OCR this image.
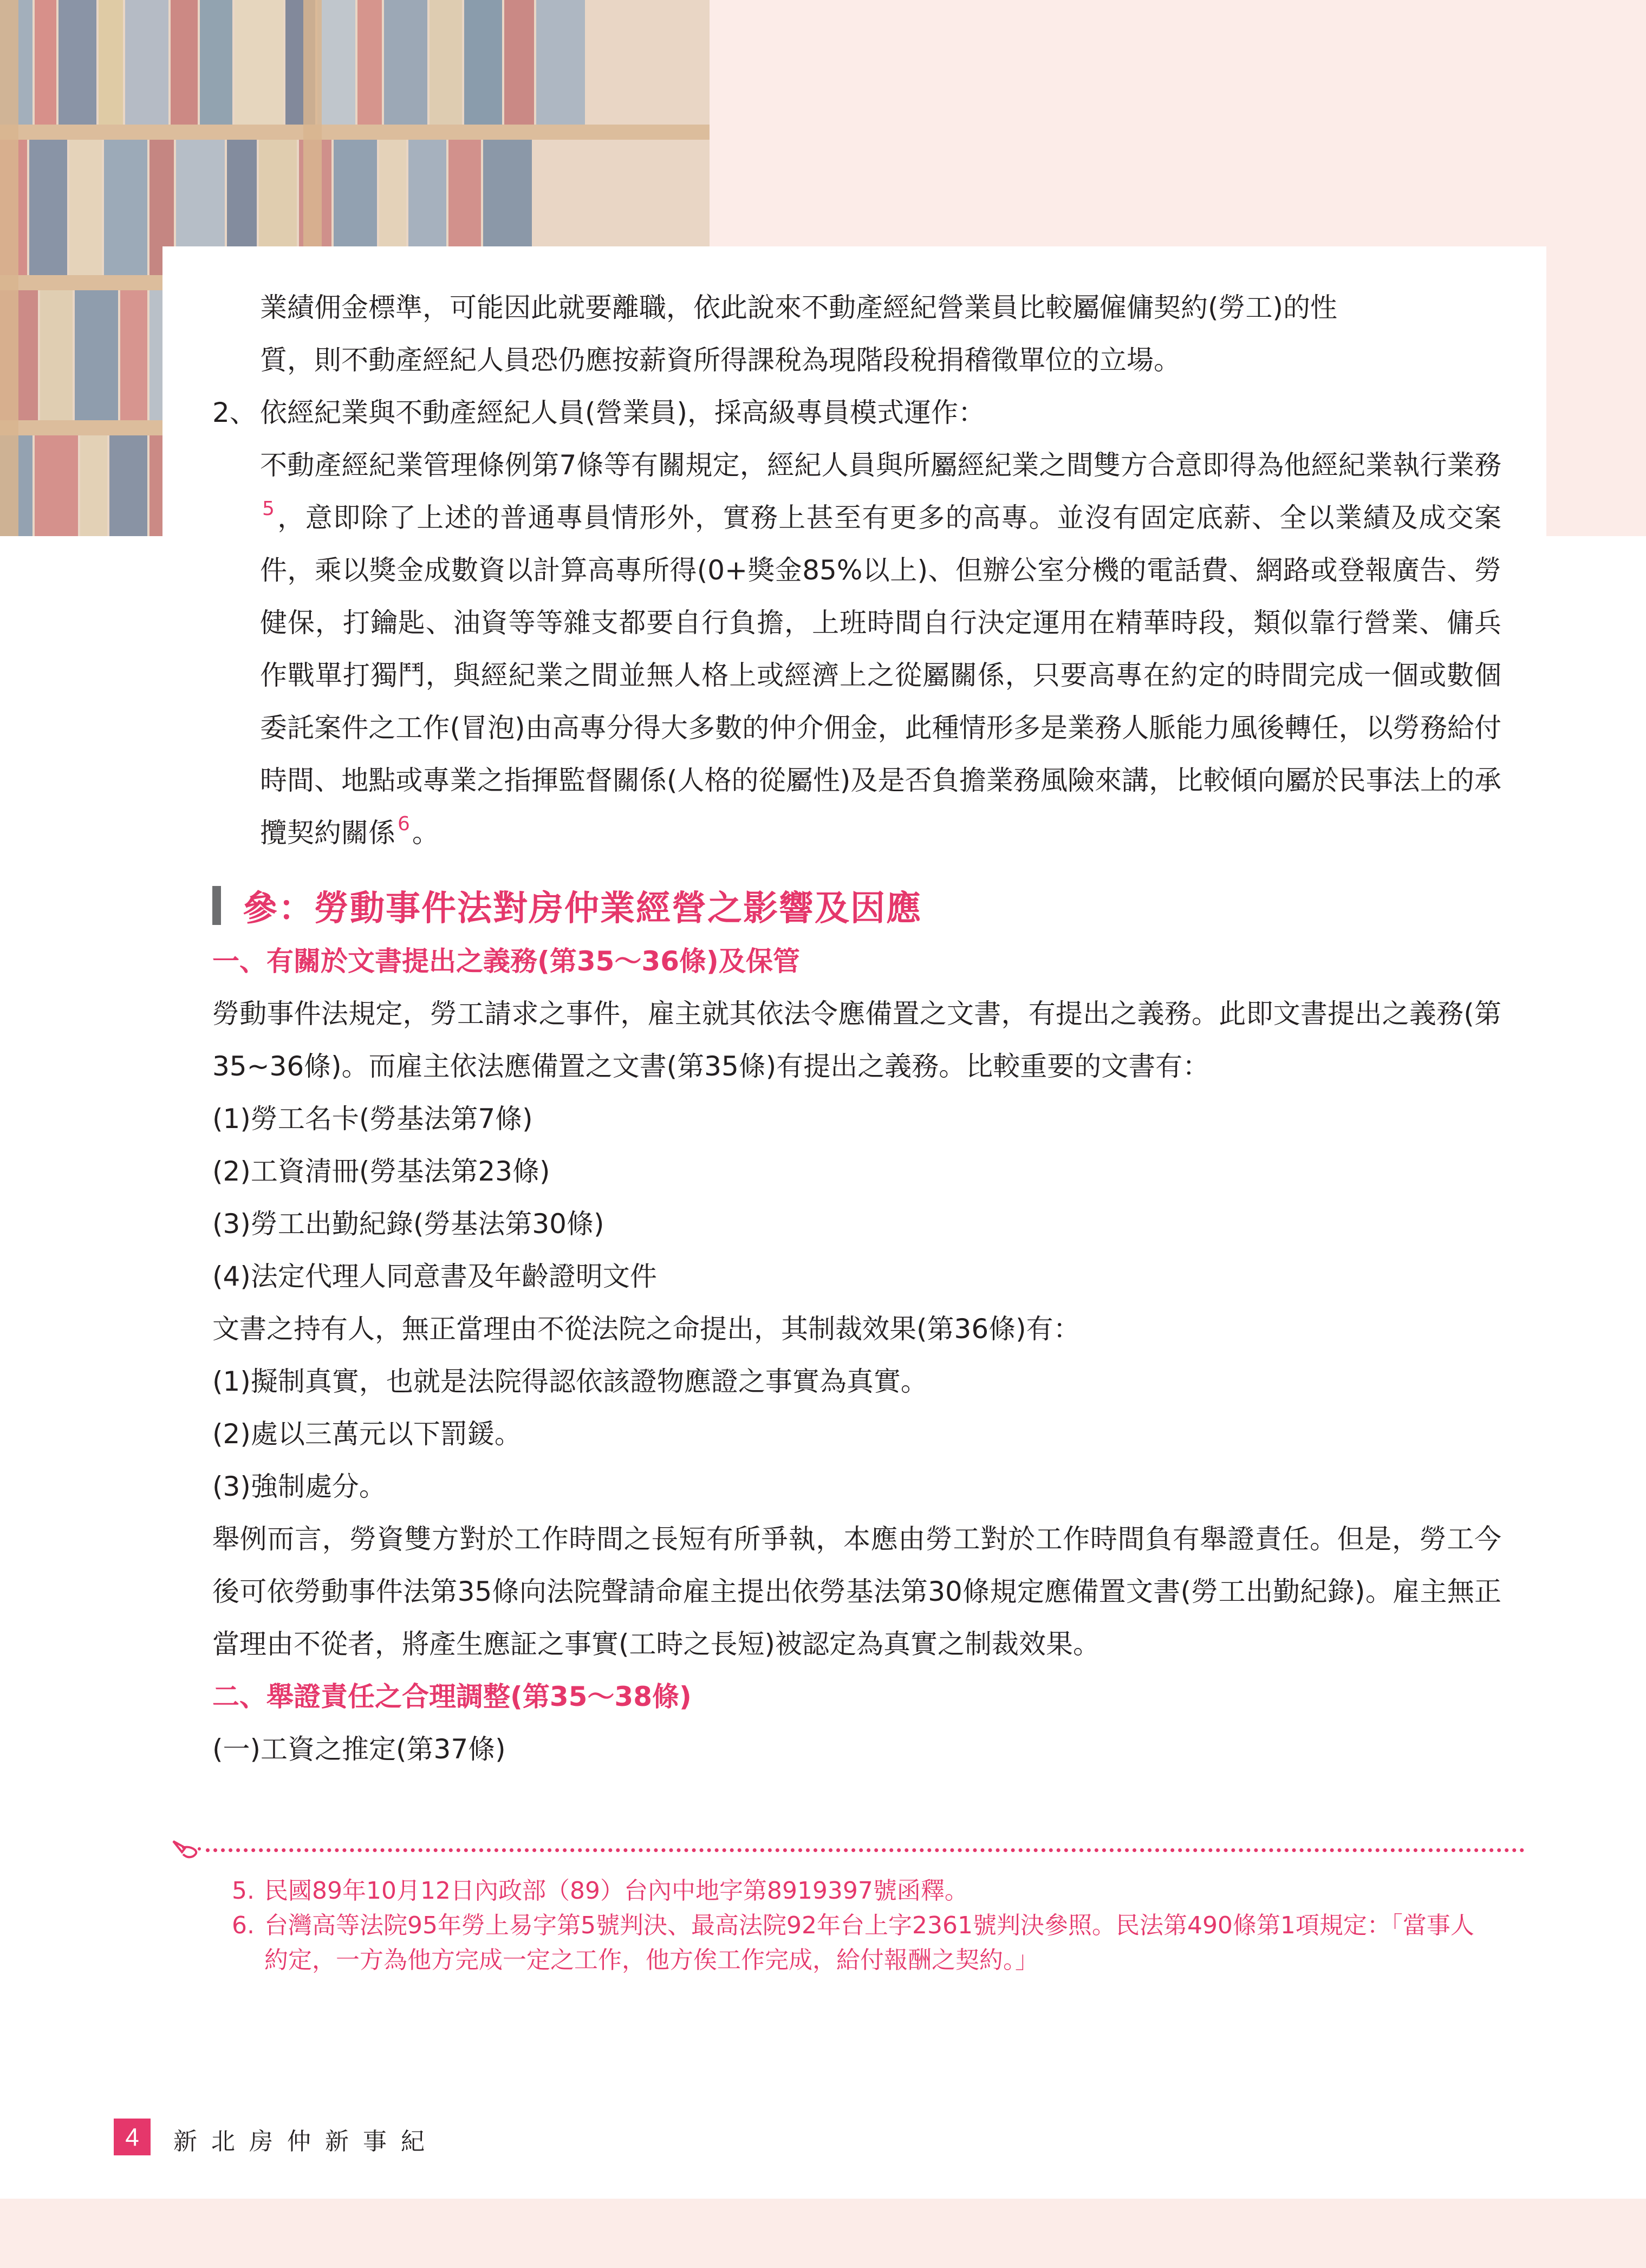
業績佣金標準，可能因此就要離職，依此說來不動產經紀營業員比較屬僱傭契約(勞工)的性
質，則不動產經紀人員恐仍應按薪資所得課稅為現階段稅捐稽徵單位的立場。

2、 依經紀業與不動產經紀人員(營業員)，採高級專員模式運作：

不動產經紀業管理條例第7條等有關規定，經紀人員與所屬經紀業之間雙方合意即得為他經紀業執行業務$^5$，意即除了上述的普通專員情形外，實務上甚至有更多的高專。並沒有固定底薪、全以業績及成交案件，乘以獎金成數資以計算高專所得(0+獎金85%以上)、但辦公室分機的電話費、網路或登報廣告、勞健保，打鑰匙、油資等等雜支都要自行負擔，上班時間自行決定運用在精華時段，類似靠行營業、傭兵作戰單打獨鬥，與經紀業之間並無人格上或經濟上之從屬關係，只要高專在約定的時間完成一個或數個委託案件之工作(冒泡)由高專分得大多數的仲介佣金，此種情形多是業務人脈能力風後轉任，以勞務給付時間、地點或專業之指揮監督關係(人格的從屬性)及是否負擔業務風險來講，比較傾向屬於民事法上的承攬契約關係 $^6$。

參：勞動事件法對房仲業經營之影響及因應

一、有關於文書提出之義務(第35～36條)及保管

勞動事件法規定，勞工請求之事件，雇主就其依法令應備置之文書，有提出之義務。此即文書提出之義務(第35~36條)。而雇主依法應備置之文書(第35條)有提出之義務。比較重要的文書有：

(1)勞工名卡(勞基法第7條)

(2)工資清冊(勞基法第23條)

(3)勞工出勤紀錄(勞基法第30條)

(4)法定代理人同意書及年齡證明文件

文書之持有人，無正當理由不從法院之命提出，其制裁效果(第36條)有：

(1)擬制真實，也就是法院得認依該證物應證之事實為真實。

(2)處以三萬元以下罰鍰。

(3)強制處分。

舉例而言，勞資雙方對於工作時間之長短有所爭執，本應由勞工對於工作時間負有舉證責任。但是，勞工今後可依勞動事件法第35條向法院聲請命雇主提出依勞基法第30條規定應備置文書(勞工出勤紀錄)。雇主無正當理由不從者，將產生應証之事實(工時之長短)被認定為真實之制裁效果。

二、舉證責任之合理調整(第35～38條)

(一)工資之推定(第37條)

5. 民國89年10月12日內政部（89）台內中地字第8919397號函釋。

6. 台灣高等法院95年勞上易字第5號判決、最高法院92年台上字2361號判決參照。民法第490條第1項規定：「當事人約定，一方為他方完成一定之工作，他方俟工作完成，給付報酬之契約。」

4	新北房仲新事紀
